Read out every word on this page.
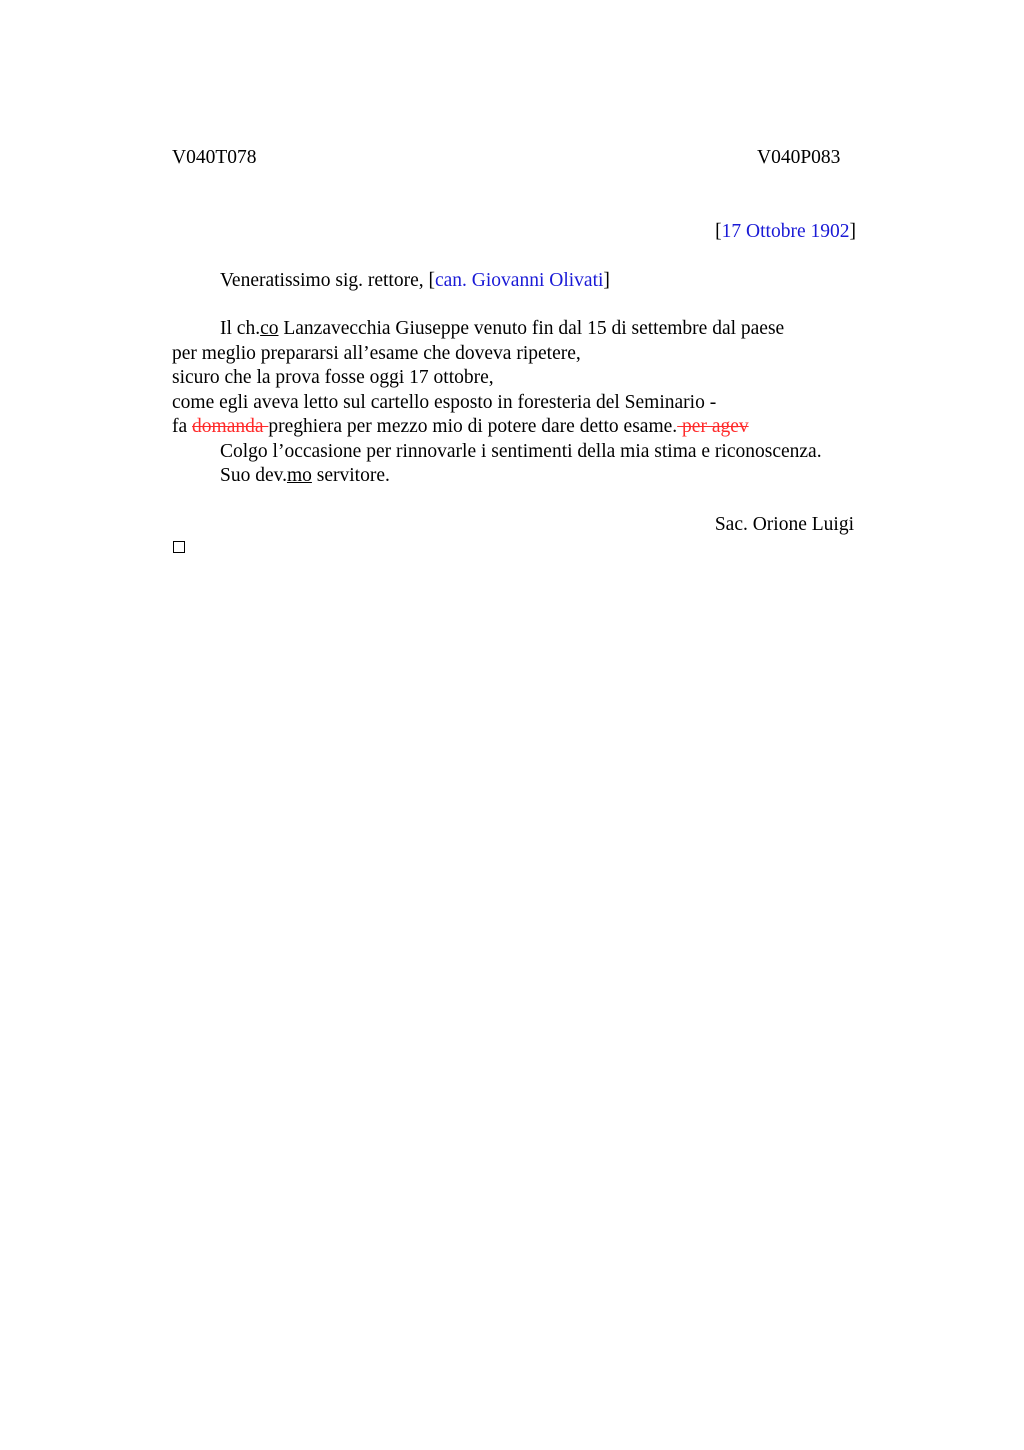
V040T078	V040P083
[17 Ottobre 1902]
Veneratissimo sig. rettore, [can. Giovanni Olivati]
Il ch.co Lanzavecchia Giuseppe venuto fin dal 15 di settembre dal paese
per meglio prepararsi all’esame che doveva ripetere,
sicuro che la prova fosse oggi 17 ottobre,
come egli aveva letto sul cartello esposto in foresteria del Seminario -
fa domanda preghiera per mezzo mio di potere dare detto esame. per agev
Colgo l’occasione per rinnovarle i sentimenti della mia stima e riconoscenza.
Suo dev.mo servitore.
Sac. Orione Luigi
